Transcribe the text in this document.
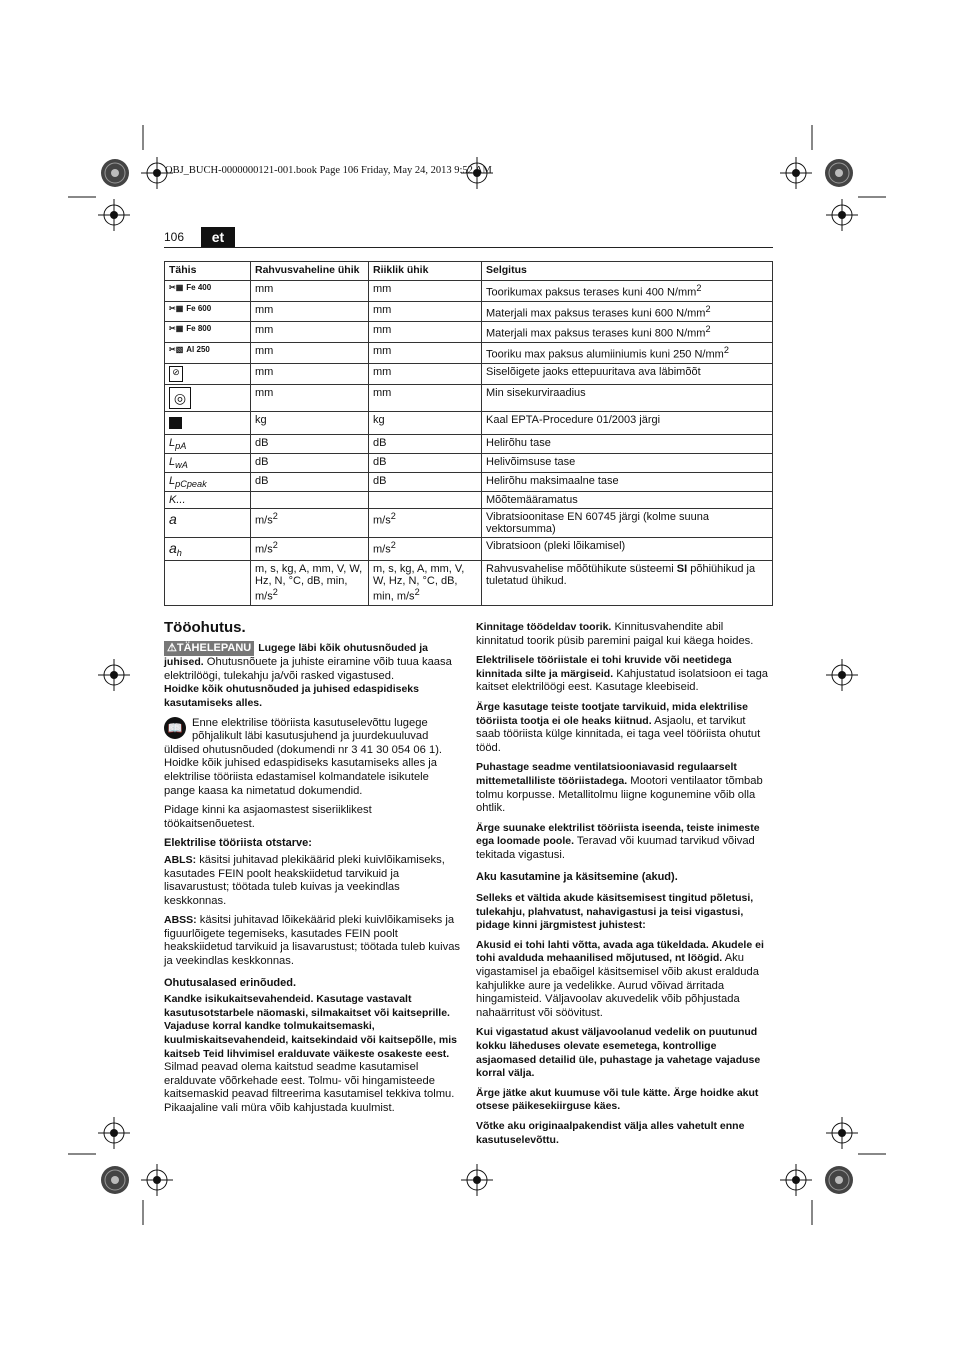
OBJ_BUCH-0000000121-001.book Page 106 Friday, May 24, 2013 9:52 AM
106	et
Tähis	Rahvusvaheline ühik	Riiklik ühik	Selgitus

✂▦ Fe 400	mm	mm	Toorikumax paksus terases kuni 400 $N/mm^2$

✂▦ Fe 600	mm	mm	Materjali max paksus terases kuni 600 $N/mm^2$

✂▦ Fe 800	mm	mm	Materjali max paksus terases kuni 800 $N/mm^2$

✂▧ Al 250	mm	mm	Tooriku max paksus alumiiniumis kuni 250 $N/mm^2$
⊘	mm	mm	Siselõigete jaoks ettepuuritava ava läbimõõt
◎	mm	mm	Min sisekurviraadius
	kg	kg	Kaal EPTA-Procedure 01/2003 järgi
$L_{pA}$	dB	dB	Helirõhu tase
$L_{wA}$	dB	dB	Helivõimsuse tase
$L_{pCpeak}$	dB	dB	Helirõhu maksimaalne tase
K...			Mõõtemääramatus
a	$m/s^2$	$m/s^2$	Vibratsioonitase EN 60745 järgi (kolme suuna vektorsumma)
$a_h$	$m/s^2$	$m/s^2$	Vibratsioon (pleki lõikamisel)
	m, s, kg, A, mm, V, W, Hz, N, °C, dB, min, $m/s^2$	m, s, kg, A, mm, V, W, Hz, N, °C, dB, min, $m/s^2$	Rahvusvahelise mõõtühikute süsteemi SI põhiühikud ja tuletatud ühikud.
Tööohutus.

⚠TÄHELEPANU Lugege läbi kõik ohutusnõuded ja juhised. Ohutusnõuete ja juhiste eiramine võib tuua kaasa elektrilöögi, tulekahju ja/või rasked vigastused.

Hoidke kõik ohutusnõuded ja juhised edaspidiseks kasutamiseks alles.

📖 Enne elektrilise tööriista kasutuselevõttu lugege põhjalikult läbi kasutusjuhend ja juurdekuuluvad üldised ohutusnõuded (dokumendi nr 3 41 30 054 06 1). Hoidke kõik juhised edaspidiseks kasutamiseks alles ja elektrilise tööriista edastamisel kolmandatele isikutele pange kaasa ka nimetatud dokumendid.

Pidage kinni ka asjaomastest siseriiklikest töökaitsenõuetest.

Elektrilise tööriista otstarve:

ABLS: käsitsi juhitavad plekikäärid pleki kuivlõikamiseks, kasutades FEIN poolt heakskiidetud tarvikuid ja lisavarustust; töötada tuleb kuivas ja veekindlas keskkonnas.

ABSS: käsitsi juhitavad lõikekäärid pleki kuivlõikamiseks ja figuurlõigete tegemiseks, kasutades FEIN poolt heakskiidetud tarvikuid ja lisavarustust; töötada tuleb kuivas ja veekindlas keskkonnas.

Ohutusalased erinõuded.

Kandke isikukaitsevahendeid. Kasutage vastavalt kasutusotstarbele näomaski, silmakaitset või kaitseprille. Vajaduse korral kandke tolmukaitsemaski, kuulmiskaitsevahendeid, kaitsekindaid või kaitsepõlle, mis kaitseb Teid lihvimisel eralduvate väikeste osakeste eest. Silmad peavad olema kaitstud seadme kasutamisel eralduvate võõrkehade eest. Tolmu- või hingamisteede kaitsemaskid peavad filtreerima kasutamisel tekkiva tolmu. Pikaajaline vali müra võib kahjustada kuulmist.

Kinnitage töödeldav toorik. Kinnitusvahendite abil kinnitatud toorik püsib paremini paigal kui käega hoides.

Elektrilisele tööriistale ei tohi kruvide või neetidega kinnitada silte ja märgiseid. Kahjustatud isolatsioon ei taga kaitset elektrilöögi eest. Kasutage kleebiseid.

Ärge kasutage teiste tootjate tarvikuid, mida elektrilise tööriista tootja ei ole heaks kiitnud. Asjaolu, et tarvikut saab tööriista külge kinnitada, ei taga veel tööriista ohutut tööd.

Puhastage seadme ventilatsiooniavasid regulaarselt mittemetalliliste tööriistadega. Mootori ventilaator tõmbab tolmu korpusse. Metallitolmu liigne kogunemine võib olla ohtlik.

Ärge suunake elektrilist tööriista iseenda, teiste inimeste ega loomade poole. Teravad või kuumad tarvikud võivad tekitada vigastusi.

Aku kasutamine ja käsitsemine (akud).

Selleks et vältida akude käsitsemisest tingitud põletusi, tulekahju, plahvatust, nahavigastusi ja teisi vigastusi, pidage kinni järgmistest juhistest:

Akusid ei tohi lahti võtta, avada aga tükeldada. Akudele ei tohi avalduda mehaanilised mõjutused, nt löögid. Aku vigastamisel ja ebaõigel käsitsemisel võib akust eralduda kahjulikke aure ja vedelikke. Aurud võivad ärritada hingamisteid. Väljavoolav akuvedelik võib põhjustada nahaärritust või söövitust.

Kui vigastatud akust väljavoolanud vedelik on puutunud kokku läheduses olevate esemetega, kontrollige asjaomased detailid üle, puhastage ja vahetage vajaduse korral välja.

Ärge jätke akut kuumuse või tule kätte. Ärge hoidke akut otsese päikesekiirguse käes.

Võtke aku originaalpakendist välja alles vahetult enne kasutuselevõttu.
